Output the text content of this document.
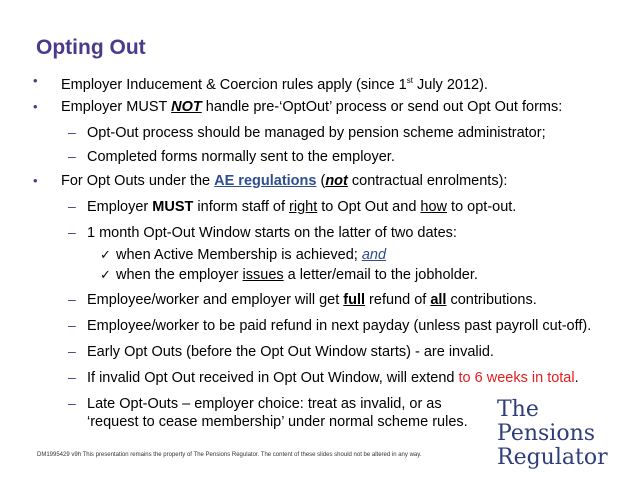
Opting Out
• Employer Inducement & Coercion rules apply (since 1st July 2012).
• Employer MUST NOT handle pre-‘OptOut’ process or send out Opt Out forms:
– Opt-Out process should be managed by pension scheme administrator;
– Completed forms normally sent to the employer.
• For Opt Outs under the AE regulations (not contractual enrolments):
– Employer MUST inform staff of right to Opt Out and how to opt-out.
– 1 month Opt-Out Window starts on the latter of two dates:
✓ when Active Membership is achieved; and
✓ when the employer issues a letter/email to the jobholder.
– Employee/worker and employer will get full refund of all contributions.
– Employee/worker to be paid refund in next payday (unless past payroll cut-off).
– Early Opt Outs (before the Opt Out Window starts) - are invalid.
– If invalid Opt Out received in Opt Out Window, will extend to 6 weeks in total.
– Late Opt-Outs – employer choice: treat as invalid, or as
‘request to cease membership’ under normal scheme rules. The Pensions
Regulator
DM1995429 v9h This presentation remains the property of The Pensions Regulator. The content of these slides should not be altered in any way.
